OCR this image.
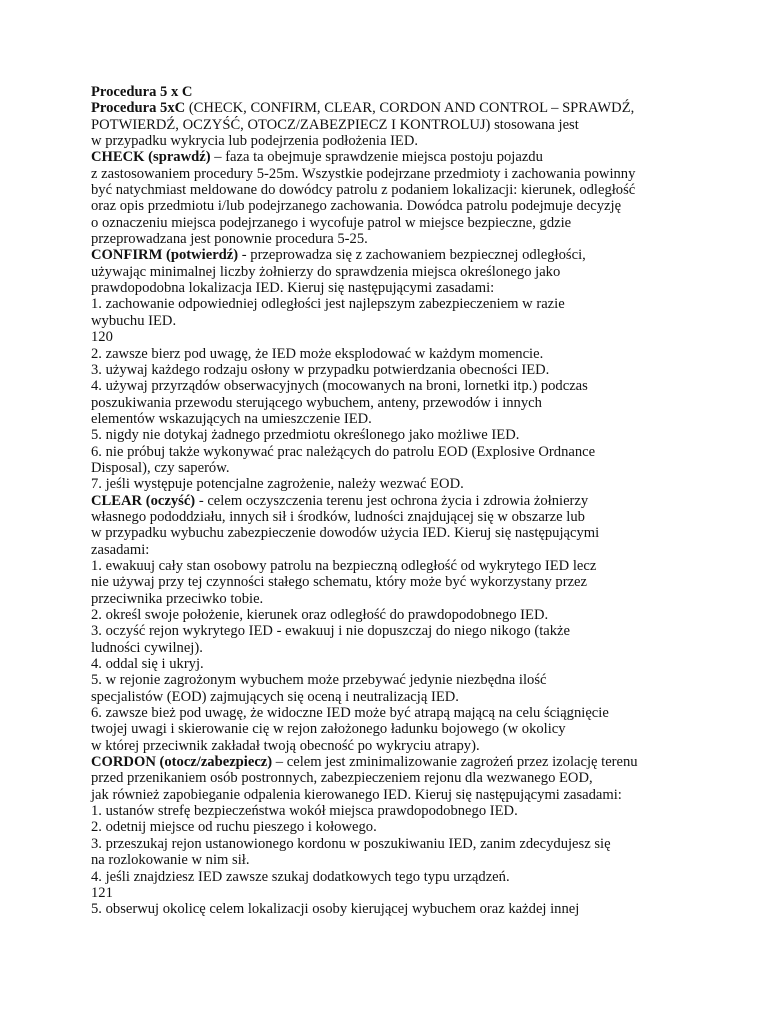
Procedura 5 x C
Procedura 5xC (CHECK, CONFIRM, CLEAR, CORDON AND CONTROL – SPRAWDŹ,
POTWIERDŹ, OCZYŚĆ, OTOCZ/ZABEZPIECZ I KONTROLUJ) stosowana jest
w przypadku wykrycia lub podejrzenia podłożenia IED.
CHECK (sprawdź) – faza ta obejmuje sprawdzenie miejsca postoju pojazdu
z zastosowaniem procedury 5-25m. Wszystkie podejrzane przedmioty i zachowania powinny
być natychmiast meldowane do dowódcy patrolu z podaniem lokalizacji: kierunek, odległość
oraz opis przedmiotu i/lub podejrzanego zachowania. Dowódca patrolu podejmuje decyzję
o oznaczeniu miejsca podejrzanego i wycofuje patrol w miejsce bezpieczne, gdzie
przeprowadzana jest ponownie procedura 5-25.
CONFIRM (potwierdź) - przeprowadza się z zachowaniem bezpiecznej odległości,
używając minimalnej liczby żołnierzy do sprawdzenia miejsca określonego jako
prawdopodobna lokalizacja IED. Kieruj się następującymi zasadami:
1. zachowanie odpowiedniej odległości jest najlepszym zabezpieczeniem w razie
wybuchu IED.
120
2. zawsze bierz pod uwagę, że IED może eksplodować w każdym momencie.
3. używaj każdego rodzaju osłony w przypadku potwierdzania obecności IED.
4. używaj przyrządów obserwacyjnych (mocowanych na broni, lornetki itp.) podczas
poszukiwania przewodu sterującego wybuchem, anteny, przewodów i innych
elementów wskazujących na umieszczenie IED.
5. nigdy nie dotykaj żadnego przedmiotu określonego jako możliwe IED.
6. nie próbuj także wykonywać prac należących do patrolu EOD (Explosive Ordnance
Disposal), czy saperów.
7. jeśli występuje potencjalne zagrożenie, należy wezwać EOD.
CLEAR (oczyść) - celem oczyszczenia terenu jest ochrona życia i zdrowia żołnierzy
własnego pododdziału, innych sił i środków, ludności znajdującej się w obszarze lub
w przypadku wybuchu zabezpieczenie dowodów użycia IED. Kieruj się następującymi
zasadami:
1. ewakuuj cały stan osobowy patrolu na bezpieczną odległość od wykrytego IED lecz
nie używaj przy tej czynności stałego schematu, który może być wykorzystany przez
przeciwnika przeciwko tobie.
2. określ swoje położenie, kierunek oraz odległość do prawdopodobnego IED.
3. oczyść rejon wykrytego IED - ewakuuj i nie dopuszczaj do niego nikogo (także
ludności cywilnej).
4. oddal się i ukryj.
5. w rejonie zagrożonym wybuchem może przebywać jedynie niezbędna ilość
specjalistów (EOD) zajmujących się oceną i neutralizacją IED.
6. zawsze bież pod uwagę, że widoczne IED może być atrapą mającą na celu ściągnięcie
twojej uwagi i skierowanie cię w rejon założonego ładunku bojowego (w okolicy
w której przeciwnik zakładał twoją obecność po wykryciu atrapy).
CORDON (otocz/zabezpiecz) – celem jest zminimalizowanie zagrożeń przez izolację terenu
przed przenikaniem osób postronnych, zabezpieczeniem rejonu dla wezwanego EOD,
jak również zapobieganie odpalenia kierowanego IED. Kieruj się następującymi zasadami:
1. ustanów strefę bezpieczeństwa wokół miejsca prawdopodobnego IED.
2. odetnij miejsce od ruchu pieszego i kołowego.
3. przeszukaj rejon ustanowionego kordonu w poszukiwaniu IED, zanim zdecydujesz się
na rozlokowanie w nim sił.
4. jeśli znajdziesz IED zawsze szukaj dodatkowych tego typu urządzeń.
121
5. obserwuj okolicę celem lokalizacji osoby kierującej wybuchem oraz każdej innej
